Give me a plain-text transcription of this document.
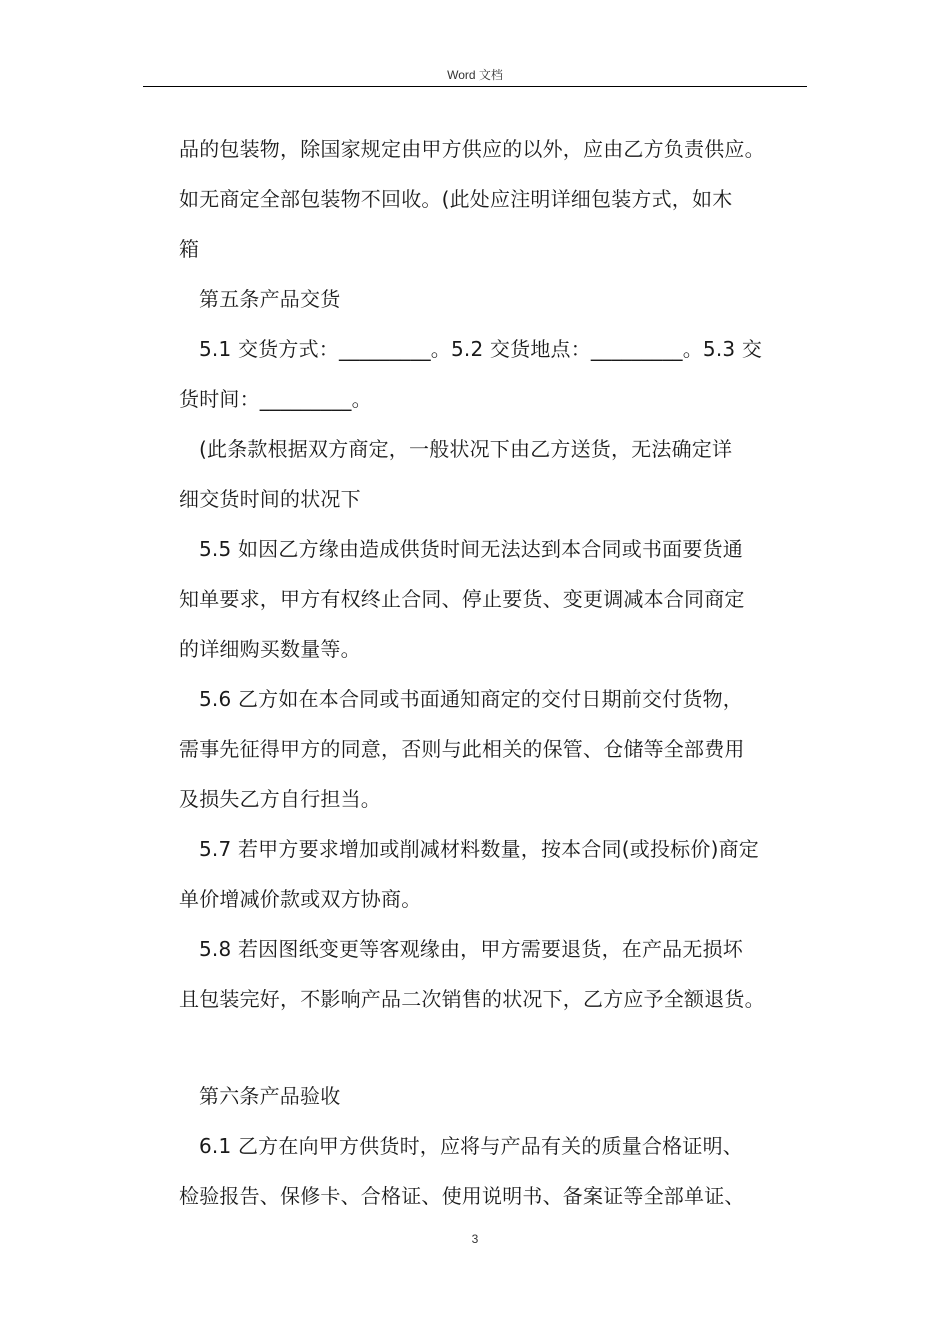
Word 文档
品的包装物，除国家规定由甲方供应的以外，应由乙方负责供应。
如无商定全部包装物不回收。(此处应注明详细包装方式，如木
箱
第五条产品交货
5.1 交货方式：_________。5.2 交货地点：_________。5.3 交
货时间：_________。
(此条款根据双方商定，一般状况下由乙方送货，无法确定详
细交货时间的状况下
5.5 如因乙方缘由造成供货时间无法达到本合同或书面要货通
知单要求，甲方有权终止合同、停止要货、变更调减本合同商定
的详细购买数量等。
5.6 乙方如在本合同或书面通知商定的交付日期前交付货物，
需事先征得甲方的同意，否则与此相关的保管、仓储等全部费用
及损失乙方自行担当。
5.7 若甲方要求增加或削减材料数量，按本合同(或投标价)商定
单价增减价款或双方协商。
5.8 若因图纸变更等客观缘由，甲方需要退货，在产品无损坏
且包装完好，不影响产品二次销售的状况下，乙方应予全额退货。
第六条产品验收
6.1 乙方在向甲方供货时，应将与产品有关的质量合格证明、
检验报告、保修卡、合格证、使用说明书、备案证等全部单证、
3
